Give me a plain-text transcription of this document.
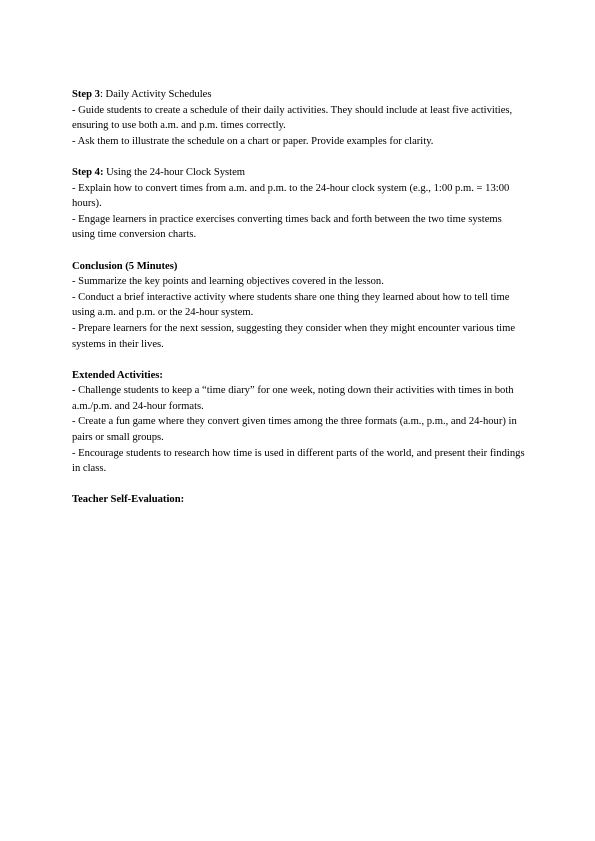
Step 3: Daily Activity Schedules

- Guide students to create a schedule of their daily activities. They should include at least five activities, ensuring to use both a.m. and p.m. times correctly.

- Ask them to illustrate the schedule on a chart or paper. Provide examples for clarity.

Step 4: Using the 24-hour Clock System

- Explain how to convert times from a.m. and p.m. to the 24-hour clock system (e.g., 1:00 p.m. = 13:00 hours).

- Engage learners in practice exercises converting times back and forth between the two time systems using time conversion charts.

Conclusion (5 Minutes)

- Summarize the key points and learning objectives covered in the lesson.

- Conduct a brief interactive activity where students share one thing they learned about how to tell time using a.m. and p.m. or the 24-hour system.

- Prepare learners for the next session, suggesting they consider when they might encounter various time systems in their lives.

Extended Activities:

- Challenge students to keep a “time diary” for one week, noting down their activities with times in both a.m./p.m. and 24-hour formats.

- Create a fun game where they convert given times among the three formats (a.m., p.m., and 24-hour) in pairs or small groups.

- Encourage students to research how time is used in different parts of the world, and present their findings in class.

Teacher Self-Evaluation:
